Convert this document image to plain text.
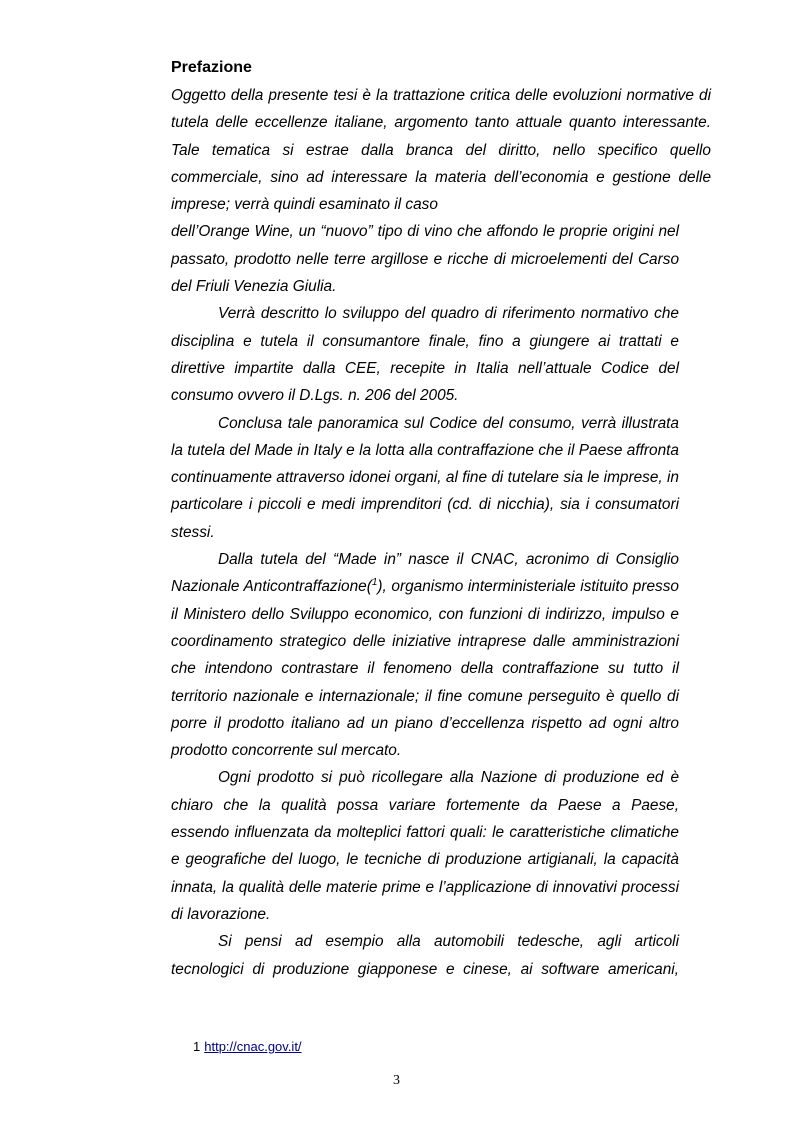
Prefazione

Oggetto della presente tesi è la trattazione critica delle evoluzioni normative di tutela delle eccellenze italiane, argomento tanto attuale quanto interessante. Tale tematica si estrae dalla branca del diritto, nello specifico quello commerciale, sino ad interessare la materia dell’economia e gestione delle imprese; verrà quindi esaminato il caso

dell’Orange Wine, un “nuovo” tipo di vino che affondo le proprie origini nel passato, prodotto nelle terre argillose e ricche di microelementi del Carso del Friuli Venezia Giulia.

Verrà descritto lo sviluppo del quadro di riferimento normativo che disciplina e tutela il consumantore finale, fino a giungere ai trattati e direttive impartite dalla CEE, recepite in Italia nell’attuale Codice del consumo ovvero il D.Lgs. n. 206 del 2005.

Conclusa tale panoramica sul Codice del consumo, verrà illustrata la tutela del Made in Italy e la lotta alla contraffazione che il Paese affronta continuamente attraverso idonei organi, al fine di tutelare sia le imprese, in particolare i piccoli e medi imprenditori (cd. di nicchia), sia i consumatori stessi.

Dalla tutela del “Made in” nasce il CNAC, acronimo di Consiglio Nazionale Anticontraffazione($^1$), organismo interministeriale istituito presso il Ministero dello Sviluppo economico, con funzioni di indirizzo, impulso e coordinamento strategico delle iniziative intraprese dalle amministrazioni che intendono contrastare il fenomeno della contraffazione su tutto il territorio nazionale e internazionale; il fine comune perseguito è quello di porre il prodotto italiano ad un piano d’eccellenza rispetto ad ogni altro prodotto concorrente sul mercato.

Ogni prodotto si può ricollegare alla Nazione di produzione ed è chiaro che la qualità possa variare fortemente da Paese a Paese, essendo influenzata da molteplici fattori quali: le caratteristiche climatiche e geografiche del luogo, le tecniche di produzione artigianali, la capacità innata, la qualità delle materie prime e l’applicazione di innovativi processi di lavorazione.

Si pensi ad esempio alla automobili tedesche, agli articoli tecnologici di produzione giapponese e cinese, ai software americani,

1 http://cnac.gov.it/
3
